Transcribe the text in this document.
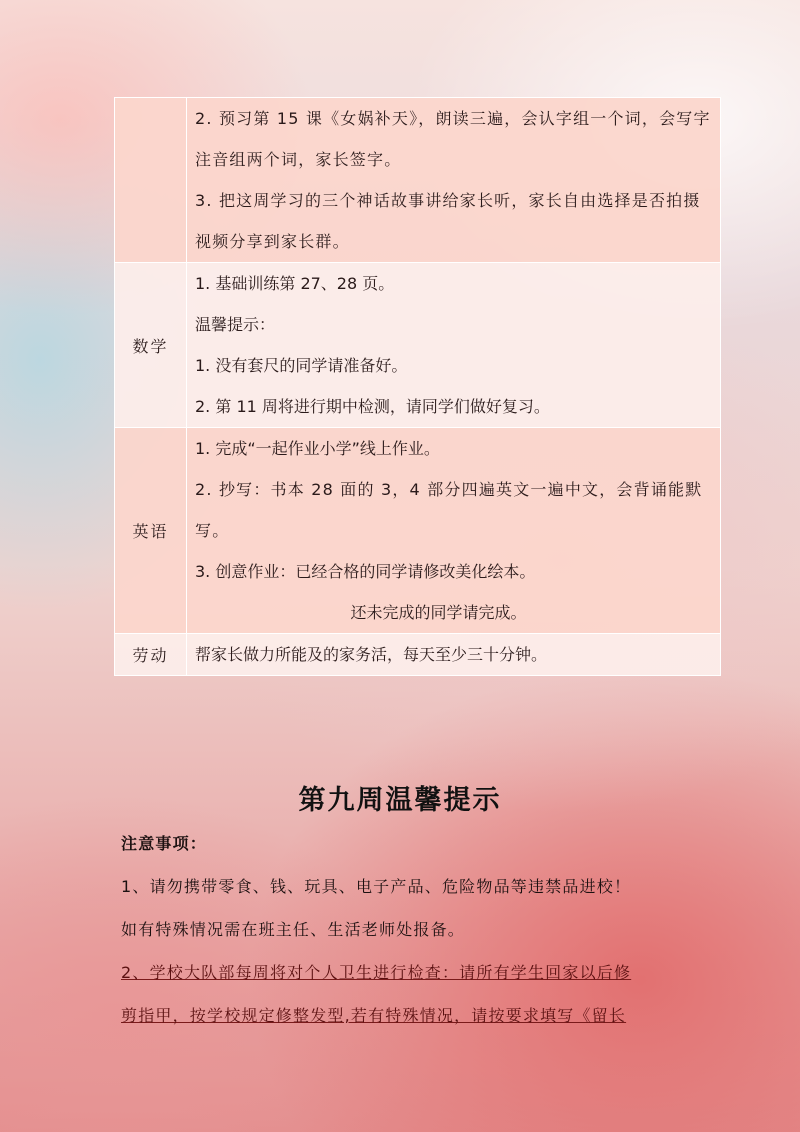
	2. 预习第 15 课《女娲补天》，朗读三遍，会认字组一个词，会写字注音组两个词，家长签字。
3. 把这周学习的三个神话故事讲给家长听，家长自由选择是否拍摄视频分享到家长群。

数学	1. 基础训练第 27、28 页。
温馨提示：
1. 没有套尺的同学请准备好。
2. 第 11 周将进行期中检测，请同学们做好复习。

英语	1. 完成“一起作业小学”线上作业。
2. 抄写：书本 28 面的 3，4 部分四遍英文一遍中文，会背诵能默写。
3. 创意作业：已经合格的同学请修改美化绘本。
还未完成的同学请完成。

劳动	帮家长做力所能及的家务活，每天至少三十分钟。
第九周温馨提示

注意事项：

1、请勿携带零食、钱、玩具、电子产品、危险物品等违禁品进校！

如有特殊情况需在班主任、生活老师处报备。

2、学校大队部每周将对个人卫生进行检查：请所有学生回家以后修

剪指甲，按学校规定修整发型,若有特殊情况，请按要求填写《留长
